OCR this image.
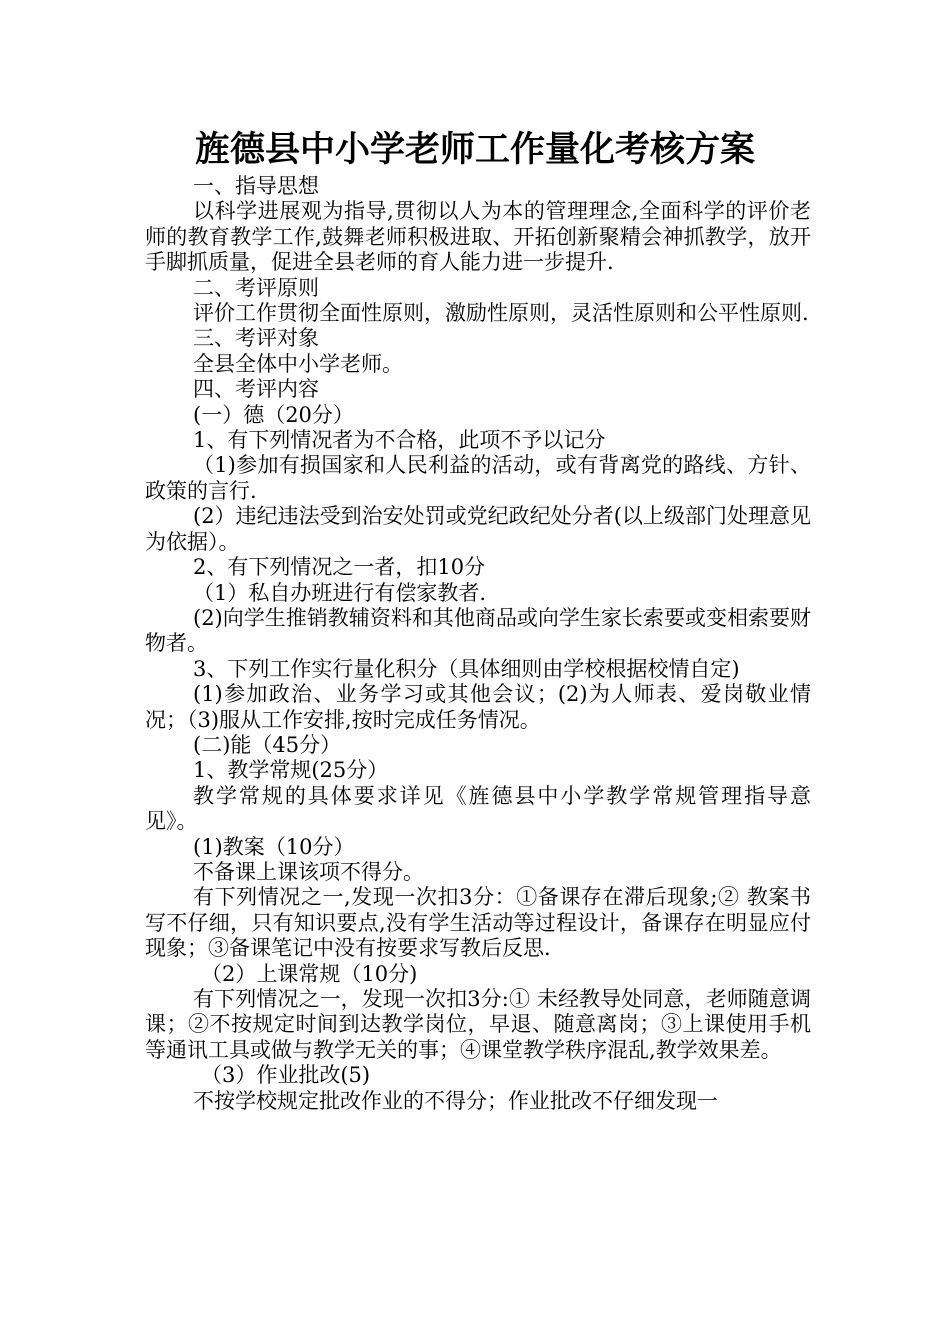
旌德县中小学老师工作量化考核方案

一、指导思想

以科学进展观为指导,贯彻以人为本的管理理念,全面科学的评价老师的教育教学工作,鼓舞老师积极进取、开拓创新聚精会神抓教学，放开手脚抓质量，促进全县老师的育人能力进一步提升.

二、考评原则

评价工作贯彻全面性原则，激励性原则，灵活性原则和公平性原则.

三、考评对象

全县全体中小学老师。

四、考评内容

(一）德（20分）

1、有下列情况者为不合格，此项不予以记分

（1)参加有损国家和人民利益的活动，或有背离党的路线、方针、政策的言行.

(2）违纪违法受到治安处罚或党纪政纪处分者(以上级部门处理意见为依据）。

2、有下列情况之一者，扣10分

（1）私自办班进行有偿家教者.

(2)向学生推销教辅资料和其他商品或向学生家长索要或变相索要财物者。

3、下列工作实行量化积分（具体细则由学校根据校情自定)

(1)参加政治、业务学习或其他会议；(2)为人师表、爱岗敬业情况；（3)服从工作安排,按时完成任务情况。

(二)能（45分）

1、教学常规(25分）

教学常规的具体要求详见《旌德县中小学教学常规管理指导意见》。

(1)教案（10分）

不备课上课该项不得分。

有下列情况之一,发现一次扣3分：①备课存在滞后现象;② 教案书写不仔细，只有知识要点,没有学生活动等过程设计，备课存在明显应付现象；③备课笔记中没有按要求写教后反思.

（2）上课常规（10分)

有下列情况之一，发现一次扣3分:① 未经教导处同意，老师随意调课；②不按规定时间到达教学岗位，早退、随意离岗；③上课使用手机等通讯工具或做与教学无关的事；④课堂教学秩序混乱,教学效果差。

（3）作业批改(5)

不按学校规定批改作业的不得分；作业批改不仔细发现一
